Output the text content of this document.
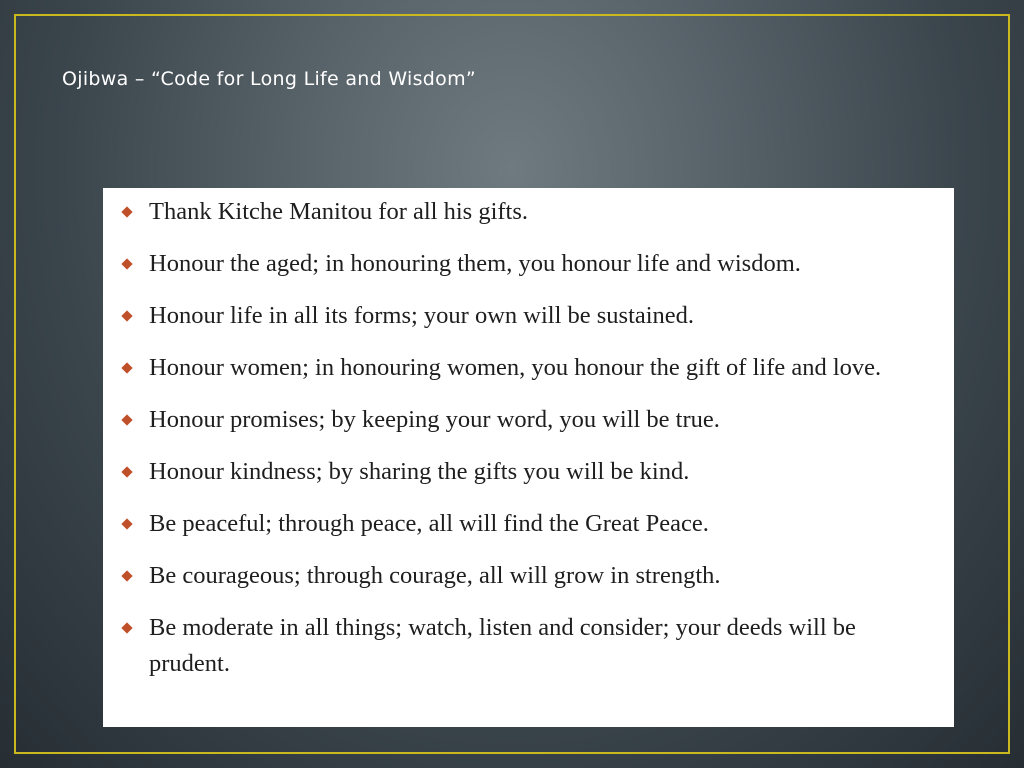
Ojibwa – “Code for Long Life and Wisdom”
Thank Kitche Manitou for all his gifts.
Honour the aged; in honouring them, you honour life and wisdom.
Honour life in all its forms; your own will be sustained.
Honour women; in honouring women, you honour the gift of life and love.
Honour promises; by keeping your word, you will be true.
Honour kindness; by sharing the gifts you will be kind.
Be peaceful; through peace, all will find the Great Peace.
Be courageous; through courage, all will grow in strength.
Be moderate in all things; watch, listen and consider; your deeds will be prudent.
